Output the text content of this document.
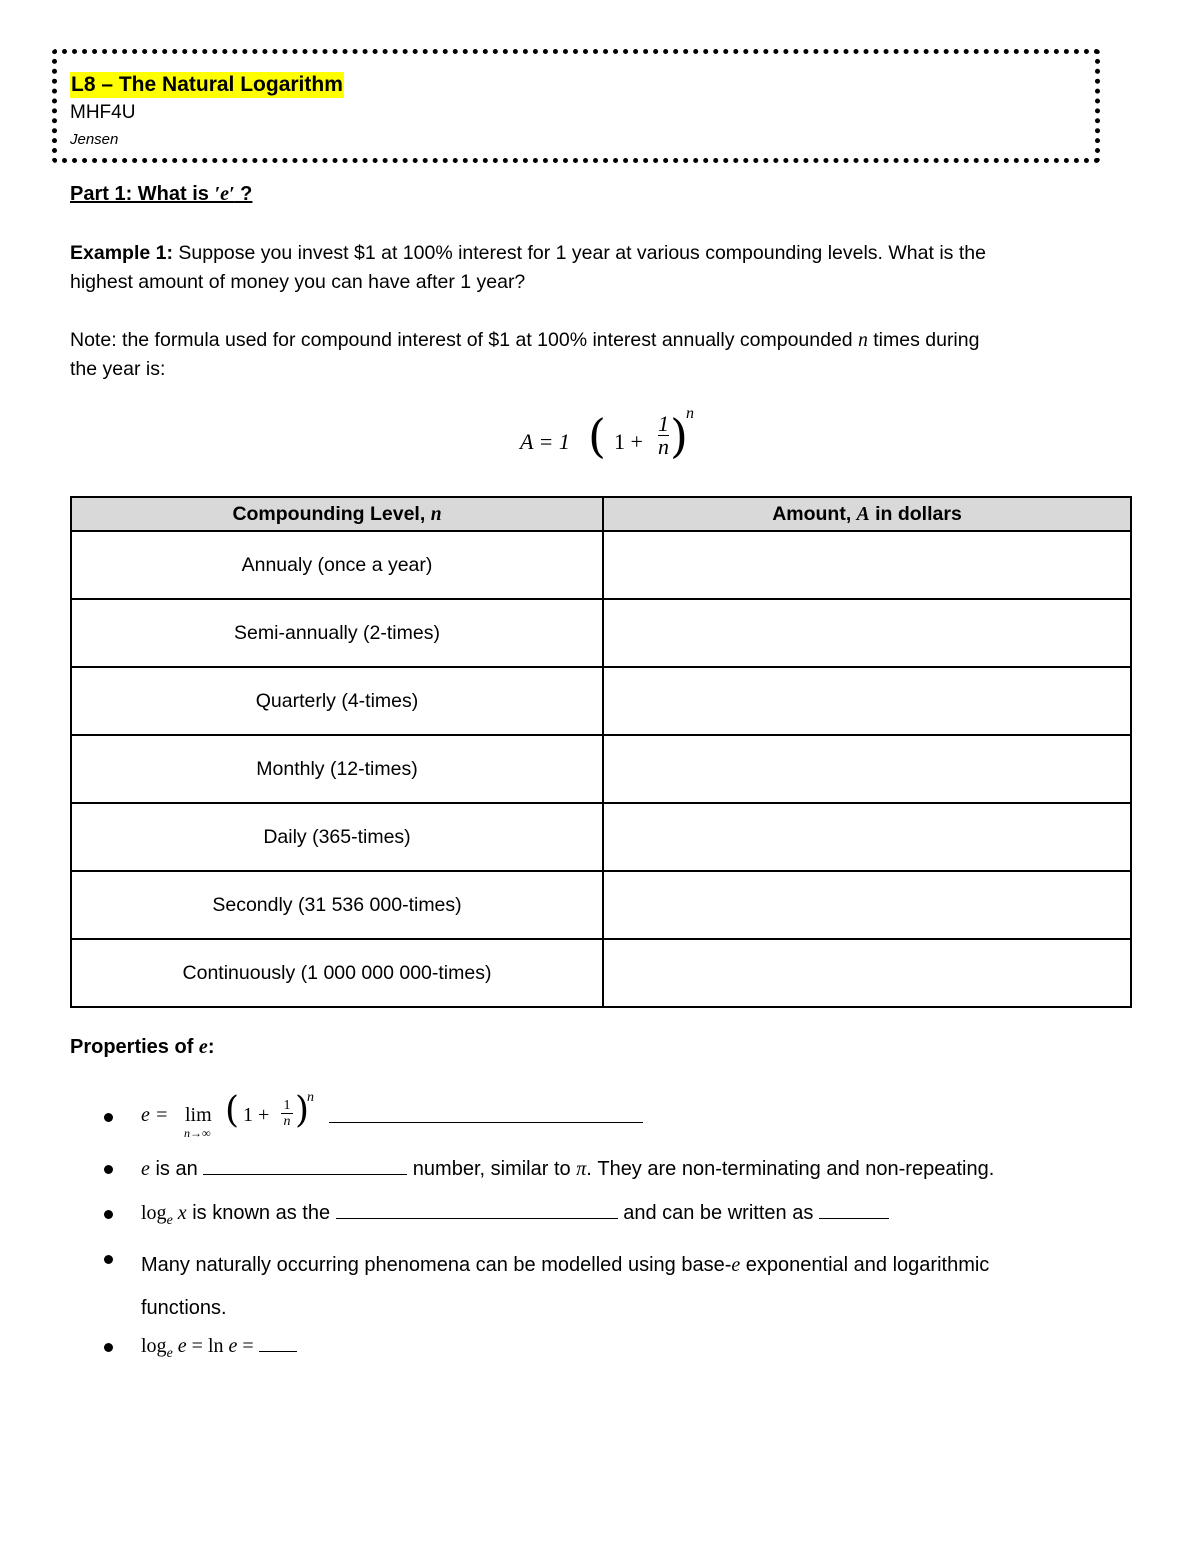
L8 – The Natural Logarithm
MHF4U
Jensen
Part 1: What is ′e′ ?
Example 1: Suppose you invest $1 at 100% interest for 1 year at various compounding levels. What is the
highest amount of money you can have after 1 year?
Note: the formula used for compound interest of $1 at 100% interest annually compounded n times during
the year is:
A = 1 ( 1 +
1
n )
n
Compounding Level, n	Amount, A in dollars
Annualy (once a year)	
Semi-annually (2-times)	
Quarterly (4-times)	
Monthly (12-times)	
Daily (365-times)	
Secondly (31 536 000-times)	
Continuously (1 000 000 000-times)	
Properties of e:
e = lim
n→∞
( 1 + 1
n )
n
e is an	number, similar to π. They are non-terminating and non-repeating.
$\log_e x$ is known as the	and can be written as
Many naturally occurring phenomena can be modelled using base-e exponential and logarithmic
functions.
$\log_e e = \ln e$ =
